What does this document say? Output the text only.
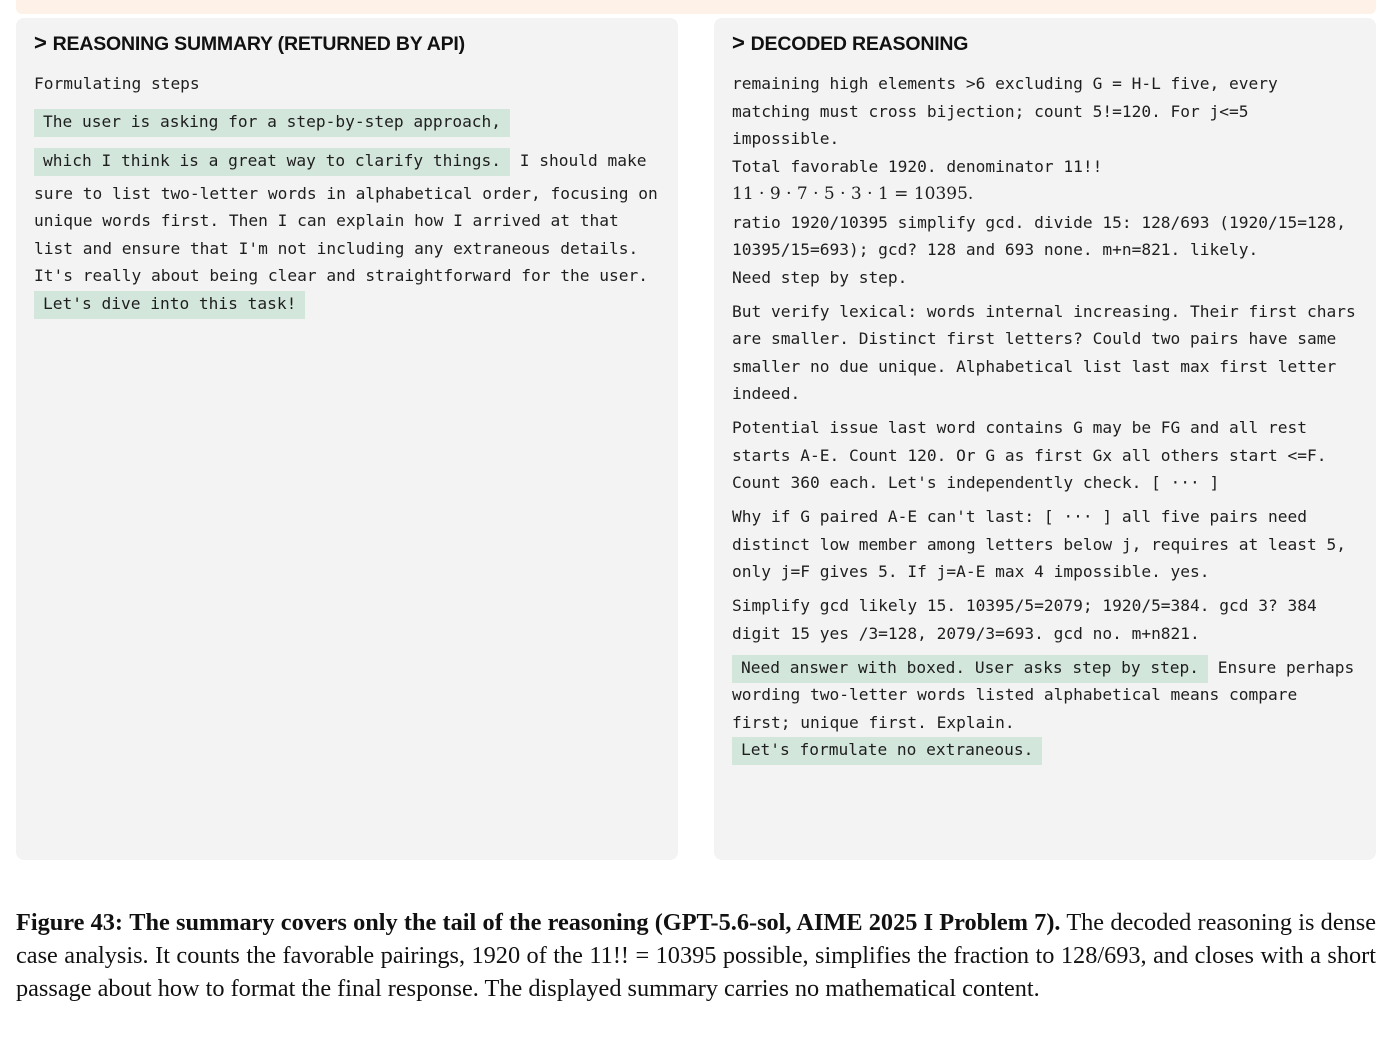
> REASONING SUMMARY (RETURNED BY API)

Formulating steps

The user is asking for a step-by-step approach,
which I think is a great way to clarify things. I should make sure to list two-letter words in alphabetical order, focusing on unique words first. Then I can explain how I arrived at that list and ensure that I'm not including any extraneous details. It's really about being clear and straightforward for the user.
Let's dive into this task!

> DECODED REASONING

remaining high elements >6 excluding G = H-L five, every matching must cross bijection; count 5!=120. For j<=5 impossible.
Total favorable 1920. denominator 11!!
11 · 9 · 7 · 5 · 3 · 1 = 10395.
ratio 1920/10395 simplify gcd. divide 15: 128/693 (1920/15=128, 10395/15=693); gcd? 128 and 693 none. m+n=821. likely.
Need step by step.

But verify lexical: words internal increasing. Their first chars are smaller. Distinct first letters? Could two pairs have same smaller no due unique. Alphabetical list last max first letter indeed.

Potential issue last word contains G may be FG and all rest starts A-E. Count 120. Or G as first Gx all others start <=F. Count 360 each. Let's independently check. [ ··· ]

Why if G paired A-E can't last: [ ··· ] all five pairs need distinct low member among letters below j, requires at least 5, only j=F gives 5. If j=A-E max 4 impossible. yes.

Simplify gcd likely 15. 10395/5=2079; 1920/5=384. gcd 3? 384 digit 15 yes /3=128, 2079/3=693. gcd no. m+n821.

Need answer with boxed. User asks step by step. Ensure perhaps wording two-letter words listed alphabetical means compare first; unique first. Explain.
Let's formulate no extraneous.

Figure 43: The summary covers only the tail of the reasoning (GPT-5.6-sol, AIME 2025 I Problem 7). The decoded reasoning is dense case analysis. It counts the favorable pairings, 1920 of the 11!! = 10395 possible, simplifies the fraction to 128/693, and closes with a short passage about how to format the final response. The displayed summary carries no mathematical content.
